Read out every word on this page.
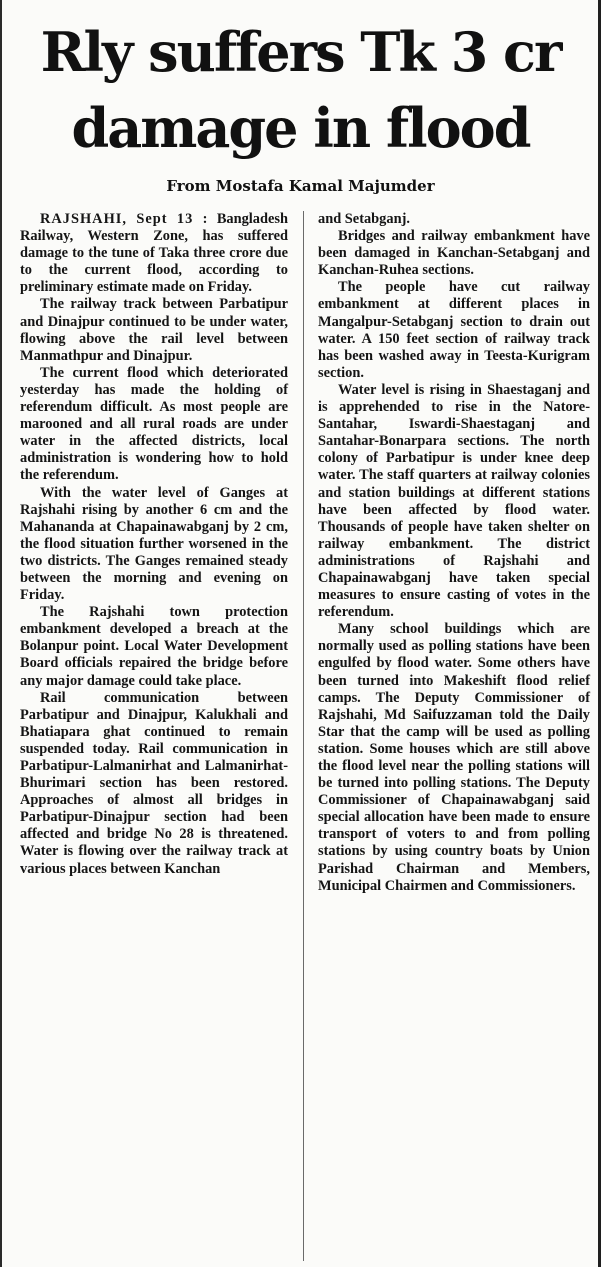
Rly suffers Tk 3 cr
damage in flood
From Mostafa Kamal Majumder

RAJSHAHI, Sept 13 : Bangladesh Railway, Western Zone, has suffered damage to the tune of Taka three crore due to the current flood, according to preliminary estimate made on Friday.

The railway track between Parbatipur and Dinajpur continued to be under water, flowing above the rail level between Manmathpur and Dinajpur.

The current flood which deteriorated yesterday has made the holding of referendum difficult. As most people are marooned and all rural roads are under water in the affected districts, local administration is wondering how to hold the referendum.

With the water level of Ganges at Rajshahi rising by another 6 cm and the Mahananda at Chapainawabganj by 2 cm, the flood situation further worsened in the two districts. The Ganges remained steady between the morning and evening on Friday.

The Rajshahi town protection embankment developed a breach at the Bolanpur point. Local Water Development Board officials repaired the bridge before any major damage could take place.

Rail communication between Parbatipur and Dinajpur, Kalukhali and Bhatiapara ghat continued to remain suspended today. Rail communication in Parbatipur-Lalmanirhat and Lalmanirhat-Bhurimari section has been restored. Approaches of almost all bridges in Parbatipur-Dinajpur section had been affected and bridge No 28 is threatened. Water is flowing over the railway track at various places between Kanchan

and Setabganj.

Bridges and railway embankment have been damaged in Kanchan-Setabganj and Kanchan-Ruhea sections.

The people have cut railway embankment at different places in Mangalpur-Setabganj section to drain out water. A 150 feet section of railway track has been washed away in Teesta-Kurigram section.

Water level is rising in Shaestaganj and is apprehended to rise in the Natore-Santahar, Iswardi-Shaestaganj and Santahar-Bonarpara sections. The north colony of Parbatipur is under knee deep water. The staff quarters at railway colonies and station buildings at different stations have been affected by flood water. Thousands of people have taken shelter on railway embankment. The district administrations of Rajshahi and Chapainawabganj have taken special measures to ensure casting of votes in the referendum.

Many school buildings which are normally used as polling stations have been engulfed by flood water. Some others have been turned into Makeshift flood relief camps. The Deputy Commissioner of Rajshahi, Md Saifuzzaman told the Daily Star that the camp will be used as polling station. Some houses which are still above the flood level near the polling stations will be turned into polling stations. The Deputy Commissioner of Chapainawabganj said special allocation have been made to ensure transport of voters to and from polling stations by using country boats by Union Parishad Chairman and Members, Municipal Chairmen and Commissioners.
